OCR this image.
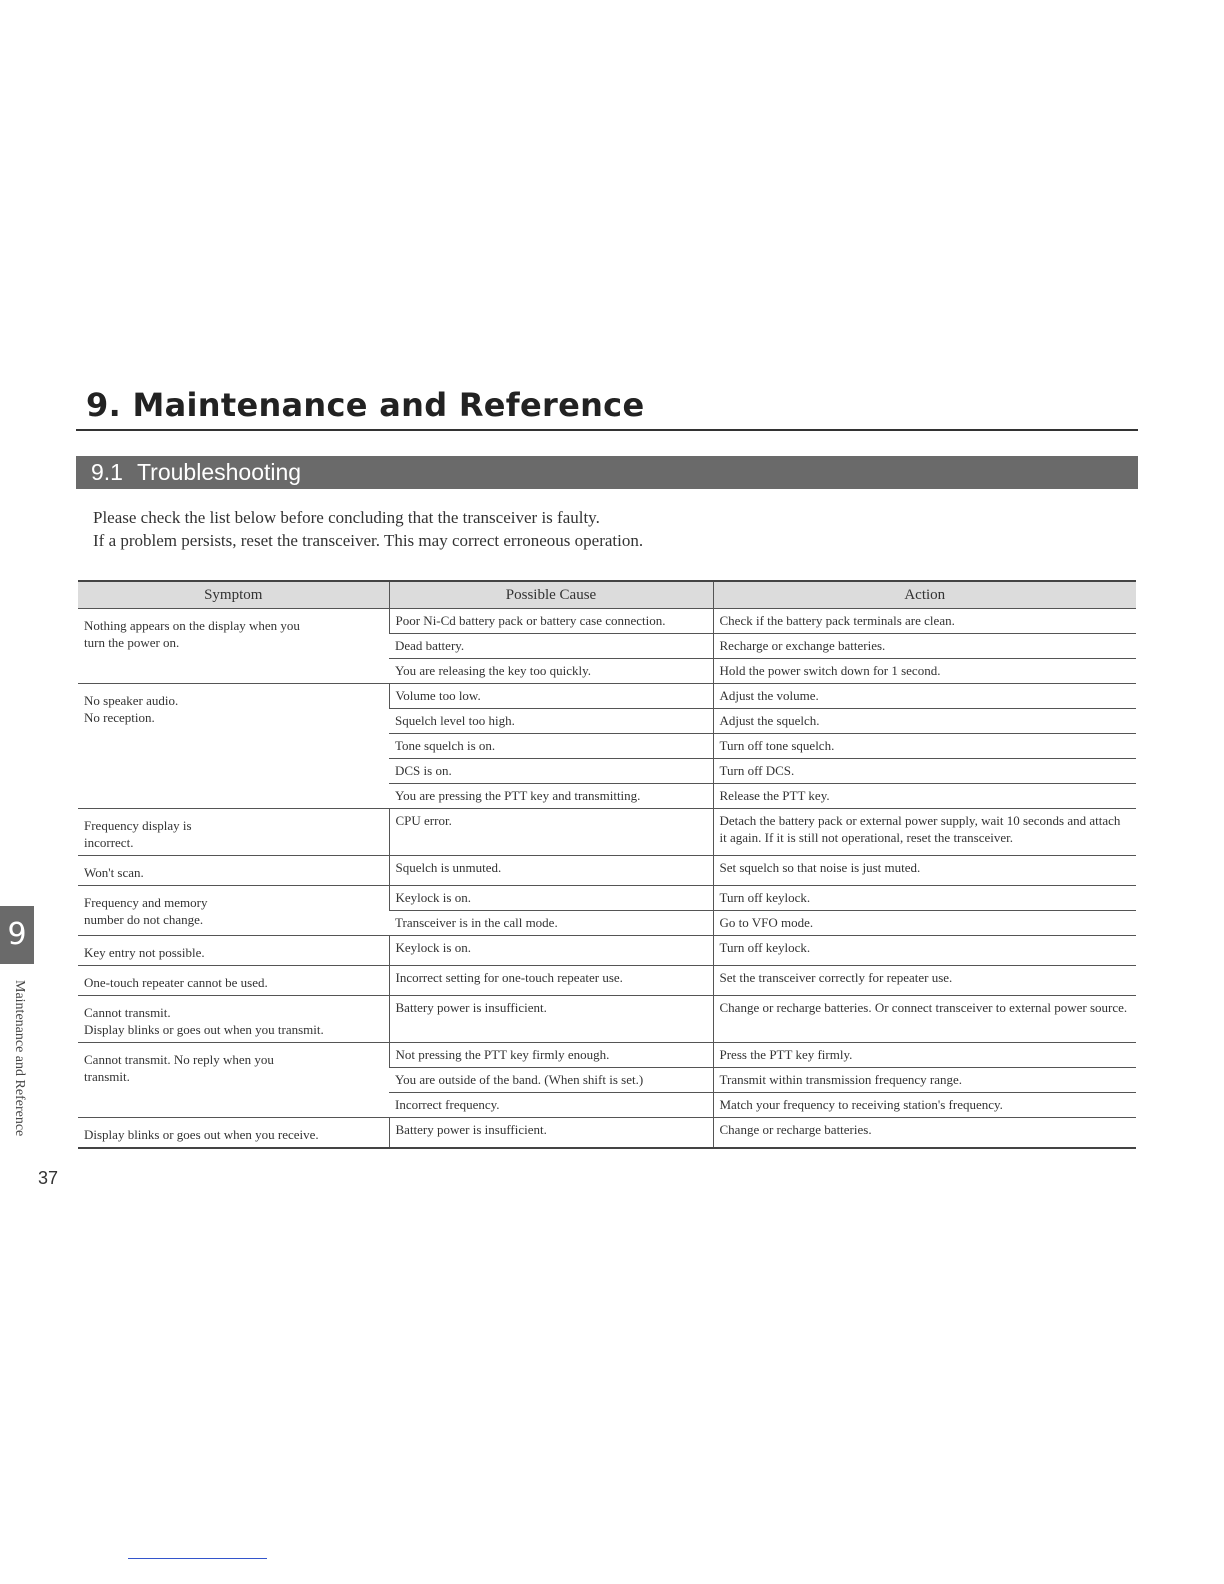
9. Maintenance and Reference
9.1 Troubleshooting

Please check the list below before concluding that the transceiver is faulty.

If a problem persists, reset the transceiver. This may correct erroneous operation.

Symptom	Possible Cause	Action

Nothing appears on the display when you
turn the power on.	Poor Ni-Cd battery pack or battery case connection.	Check if the battery pack terminals are clean.
	Dead battery.	Recharge or exchange batteries.
	You are releasing the key too quickly.	Hold the power switch down for 1 second.

No speaker audio.
No reception.	Volume too low.	Adjust the volume.
	Squelch level too high.	Adjust the squelch.
	Tone squelch is on.	Turn off tone squelch.
	DCS is on.	Turn off DCS.
	You are pressing the PTT key and transmitting.	Release the PTT key.

Frequency display is
incorrect.	CPU error.	Detach the battery pack or external power supply, wait 10 seconds and attach it again. If it is still not operational, reset the transceiver.

Won't scan.	Squelch is unmuted.	Set squelch so that noise is just muted.

Frequency and memory
number do not change.	Keylock is on.	Turn off keylock.
	Transceiver is in the call mode.	Go to VFO mode.

Key entry not possible.	Keylock is on.	Turn off keylock.

One-touch repeater cannot be used.	Incorrect setting for one-touch repeater use.	Set the transceiver correctly for repeater use.

Cannot transmit.
Display blinks or goes out when you transmit.	Battery power is insufficient.	Change or recharge batteries. Or connect transceiver to external power source.

Cannot transmit. No reply when you
transmit.	Not pressing the PTT key firmly enough.	Press the PTT key firmly.
	You are outside of the band. (When shift is set.)	Transmit within transmission frequency range.
	Incorrect frequency.	Match your frequency to receiving station's frequency.

Display blinks or goes out when you receive.	Battery power is insufficient.	Change or recharge batteries.
9
Maintenance and Reference
37
